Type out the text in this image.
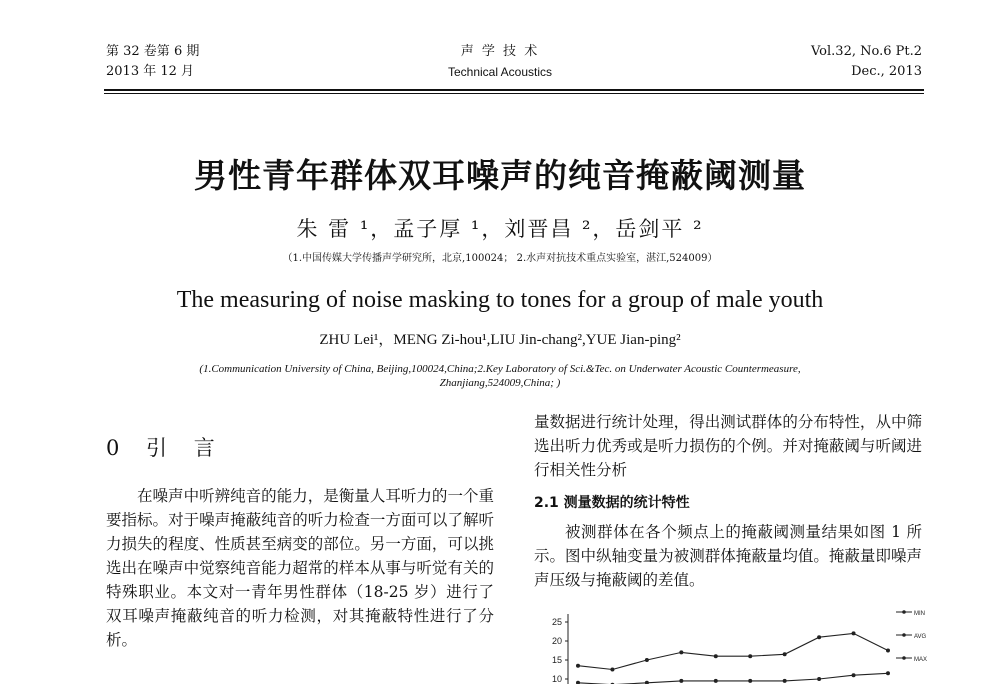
第 32 卷第 6 期
2013 年 12 月
声 学 技 术
Technical Acoustics
Vol.32, No.6 Pt.2
Dec., 2013
男性青年群体双耳噪声的纯音掩蔽阈测量
朱 雷 ¹，孟子厚 ¹，刘晋昌 ²，岳剑平 ²
（1.中国传媒大学传播声学研究所，北京,100024； 2.水声对抗技术重点实验室，湛江,524009）
The measuring of noise masking to tones for a group of male youth
ZHU Lei¹，MENG Zi-hou¹,LIU Jin-chang²,YUE Jian-ping²
(1.Communication University of China, Beijing,100024,China;2.Key Laboratory of Sci.&Tec. on Underwater Acoustic Countermeasure,
Zhanjiang,524009,China; )
0 引 言
在噪声中听辨纯音的能力，是衡量人耳听力的一个重要指标。对于噪声掩蔽纯音的听力检查一方面可以了解听力损失的程度、性质甚至病变的部位。另一方面，可以挑选出在噪声中觉察纯音能力超常的样本从事与听觉有关的特殊职业。本文对一青年男性群体（18-25 岁）进行了双耳噪声掩蔽纯音的听力检测，对其掩蔽特性进行了分析。
量数据进行统计处理，得出测试群体的分布特性，从中筛选出听力优秀或是听力损伤的个例。并对掩蔽阈与听阈进行相关性分析
2.1 测量数据的统计特性
被测群体在各个频点上的掩蔽阈测量结果如图 1 所示。图中纵轴变量为被测群体掩蔽量均值。掩蔽量即噪声声压级与掩蔽阈的差值。
25
20
15
10
MIN
AVG
MAX
